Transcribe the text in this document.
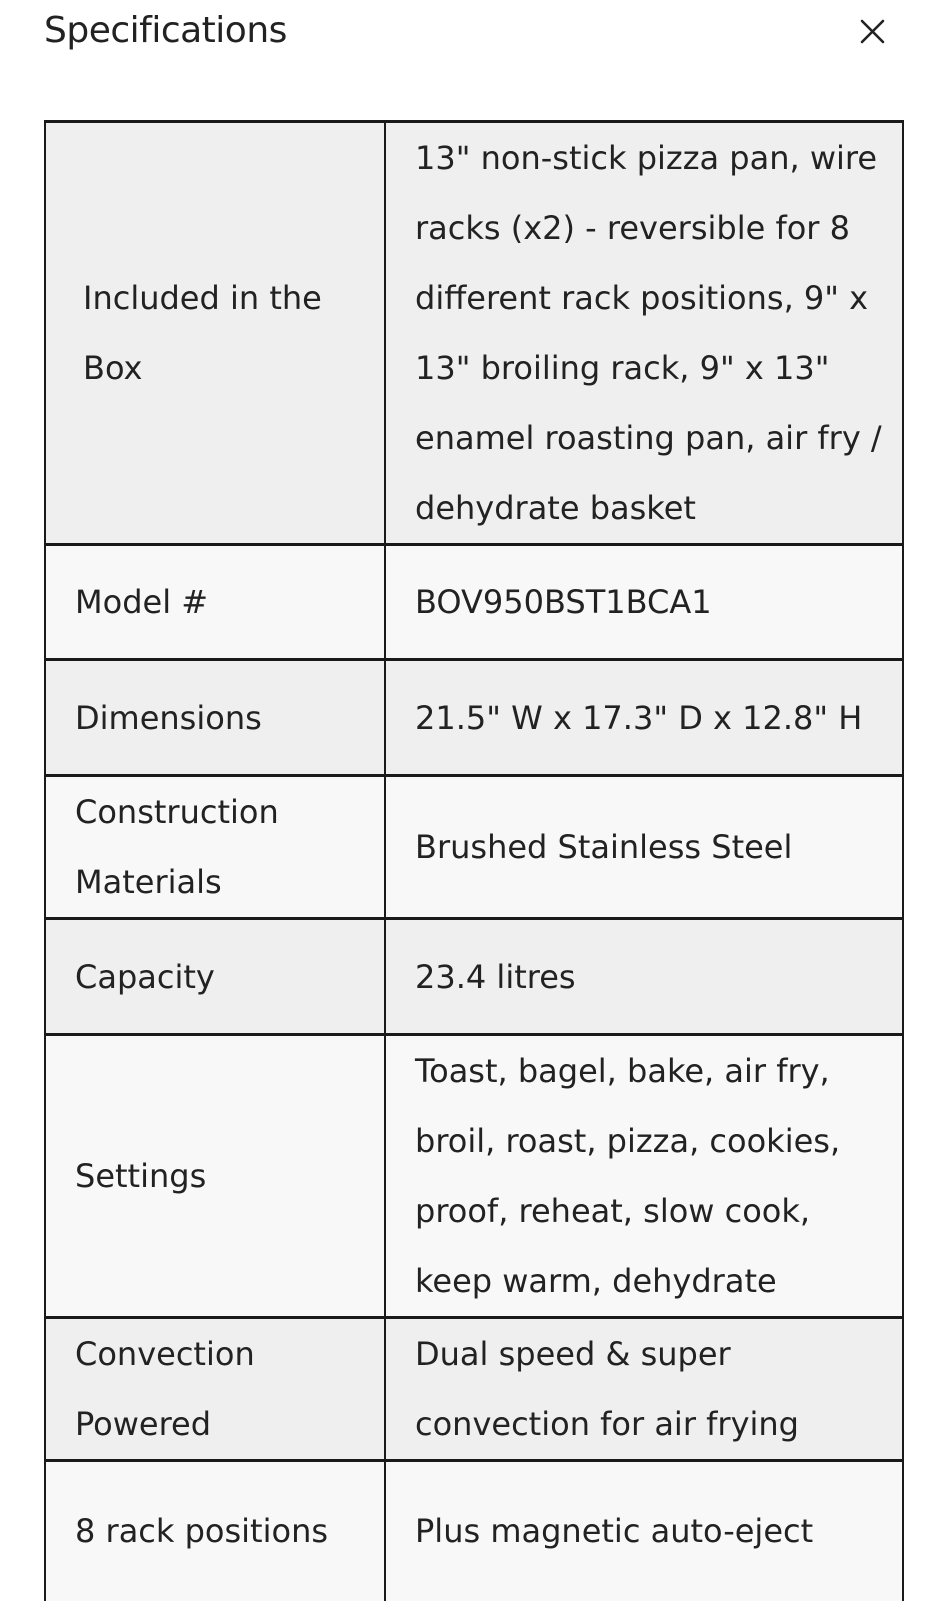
Specifications
Included in the Box	13" non-stick pizza pan, wire racks (x2) - reversible for 8 different rack positions, 9" x 13" broiling rack, 9" x 13" enamel roasting pan, air fry / dehydrate basket
Model #	BOV950BST1BCA1
Dimensions	21.5" W x 17.3" D x 12.8" H
Construction Materials	Brushed Stainless Steel
Capacity	23.4 litres
Settings	Toast, bagel, bake, air fry, broil, roast, pizza, cookies, proof, reheat, slow cook, keep warm, dehydrate
Convection Powered	Dual speed & super convection for air frying
8 rack positions	Plus magnetic auto-eject
